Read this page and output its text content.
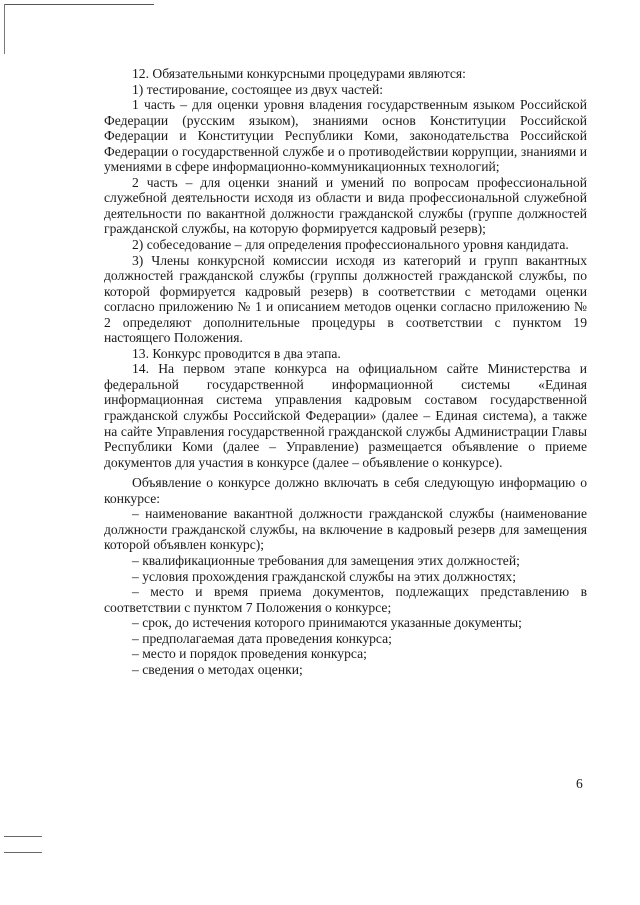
12. Обязательными конкурсными процедурами являются:

1) тестирование, состоящее из двух частей:

1 часть – для оценки уровня владения государственным языком Российской Федерации (русским языком), знаниями основ Конституции Российской Федерации и Конституции Республики Коми, законодательства Российской Федерации о государственной службе и о противодействии коррупции, знаниями и умениями в сфере информационно-коммуникационных технологий;

2 часть – для оценки знаний и умений по вопросам профессиональной служебной деятельности исходя из области и вида профессиональной служебной деятельности по вакантной должности гражданской службы (группе должностей гражданской службы, на которую формируется кадровый резерв);

2) собеседование – для определения профессионального уровня кандидата.

3) Члены конкурсной комиссии исходя из категорий и групп вакантных должностей гражданской службы (группы должностей гражданской службы, по которой формируется кадровый резерв) в соответствии с методами оценки согласно приложению № 1 и описанием методов оценки согласно приложению № 2 определяют дополнительные процедуры в соответствии с пунктом 19 настоящего Положения.

13. Конкурс проводится в два этапа.

14. На первом этапе конкурса на официальном сайте Министерства и федеральной государственной информационной системы «Единая информационная система управления кадровым составом государственной гражданской службы Российской Федерации» (далее – Единая система), а также на сайте Управления государственной гражданской службы Администрации Главы Республики Коми (далее – Управление) размещается объявление о приеме документов для участия в конкурсе (далее – объявление о конкурсе).

Объявление о конкурсе должно включать в себя следующую информацию о конкурсе:

– наименование вакантной должности гражданской службы (наименование должности гражданской службы, на включение в кадровый резерв для замещения которой объявлен конкурс);

– квалификационные требования для замещения этих должностей;

– условия прохождения гражданской службы на этих должностях;

– место и время приема документов, подлежащих представлению в соответствии с пунктом 7 Положения о конкурсе;

– срок, до истечения которого принимаются указанные документы;

– предполагаемая дата проведения конкурса;

– место и порядок проведения конкурса;

– сведения о методах оценки;

6
